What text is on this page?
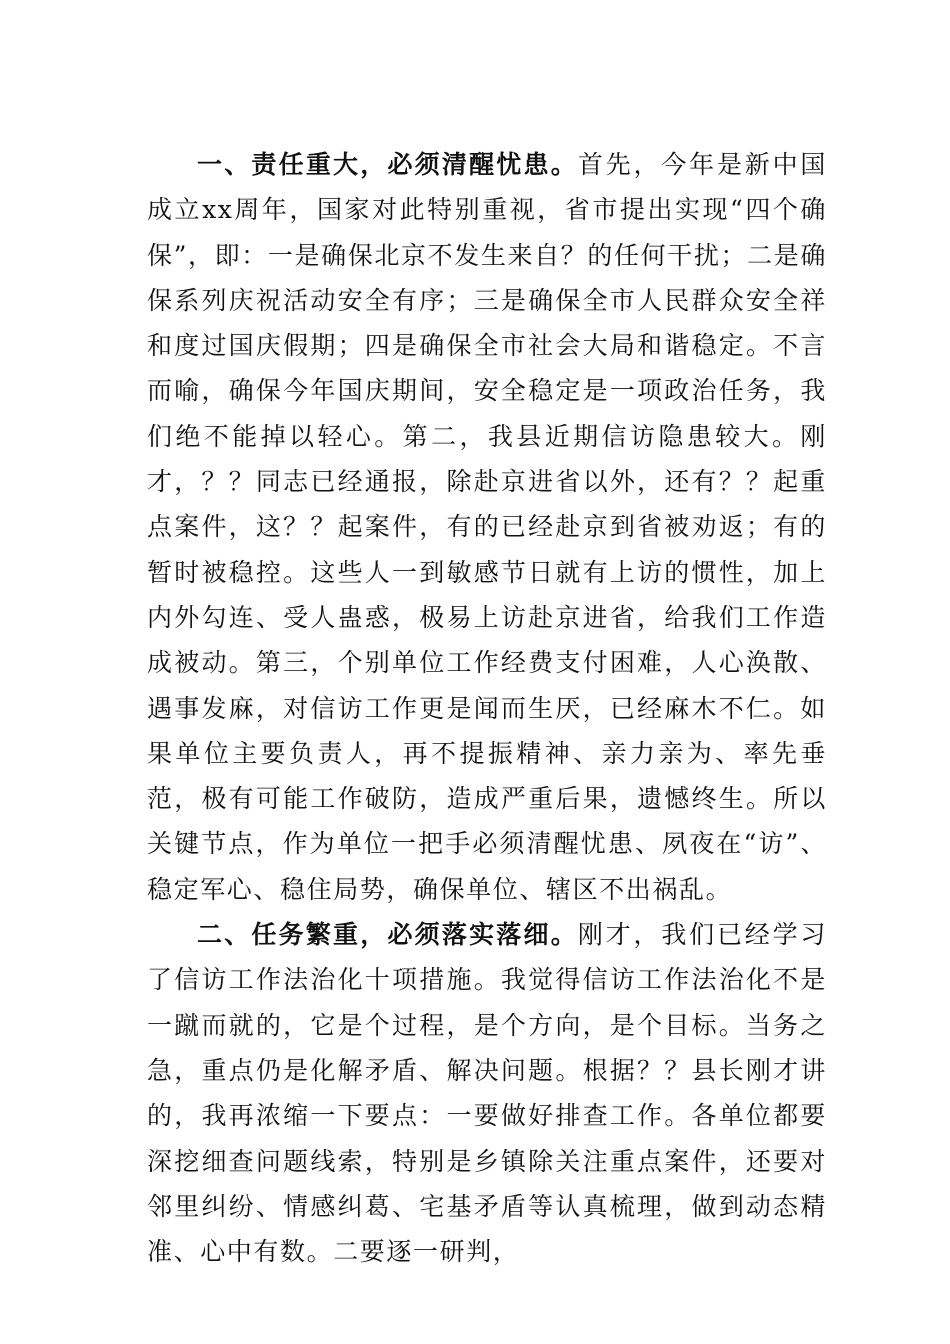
一、责任重大，必须清醒忧患。首先，今年是新中国成立xx周年，国家对此特别重视，省市提出实现“四个确保”，即：一是确保北京不发生来自？的任何干扰；二是确保系列庆祝活动安全有序；三是确保全市人民群众安全祥和度过国庆假期；四是确保全市社会大局和谐稳定。不言而喻，确保今年国庆期间，安全稳定是一项政治任务，我们绝不能掉以轻心。第二，我县近期信访隐患较大。刚才，？？同志已经通报，除赴京进省以外，还有？？起重点案件，这？？起案件，有的已经赴京到省被劝返；有的暂时被稳控。这些人一到敏感节日就有上访的惯性，加上内外勾连、受人蛊惑，极易上访赴京进省，给我们工作造成被动。第三，个别单位工作经费支付困难，人心涣散、遇事发麻，对信访工作更是闻而生厌，已经麻木不仁。如果单位主要负责人，再不提振精神、亲力亲为、率先垂范，极有可能工作破防，造成严重后果，遗憾终生。所以关键节点，作为单位一把手必须清醒忧患、夙夜在“访”、稳定军心、稳住局势，确保单位、辖区不出祸乱。

二、任务繁重，必须落实落细。刚才，我们已经学习了信访工作法治化十项措施。我觉得信访工作法治化不是一蹴而就的，它是个过程，是个方向，是个目标。当务之急，重点仍是化解矛盾、解决问题。根据？？县长刚才讲的，我再浓缩一下要点：一要做好排查工作。各单位都要深挖细查问题线索，特别是乡镇除关注重点案件，还要对邻里纠纷、情感纠葛、宅基矛盾等认真梳理，做到动态精准、心中有数。二要逐一研判，
